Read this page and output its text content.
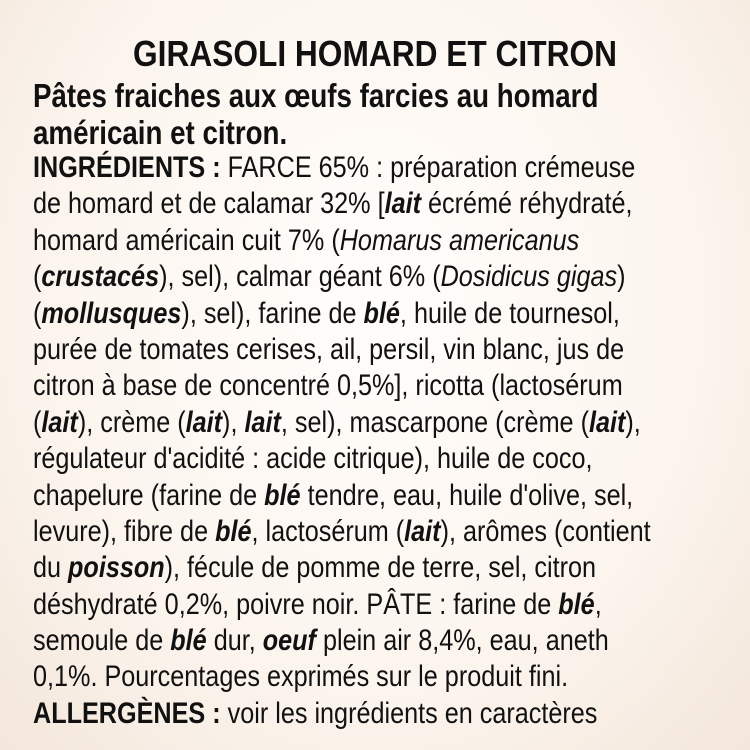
GIRASOLI HOMARD ET CITRON
Pâtes fraiches aux œufs farcies au homard
américain et citron.
INGRÉDIENTS : FARCE 65% : préparation crémeuse
de homard et de calamar 32% [lait écrémé réhydraté,
homard américain cuit 7% (Homarus americanus
(crustacés), sel), calmar géant 6% (Dosidicus gigas)
(mollusques), sel), farine de blé, huile de tournesol,
purée de tomates cerises, ail, persil, vin blanc, jus de
citron à base de concentré 0,5%], ricotta (lactosérum
(lait), crème (lait), lait, sel), mascarpone (crème (lait),
régulateur d'acidité : acide citrique), huile de coco,
chapelure (farine de blé tendre, eau, huile d'olive, sel,
levure), fibre de blé, lactosérum (lait), arômes (contient
du poisson), fécule de pomme de terre, sel, citron
déshydraté 0,2%, poivre noir. PÂTE : farine de blé,
semoule de blé dur, oeuf plein air 8,4%, eau, aneth
0,1%. Pourcentages exprimés sur le produit fini.
ALLERGÈNES : voir les ingrédients en caractères
